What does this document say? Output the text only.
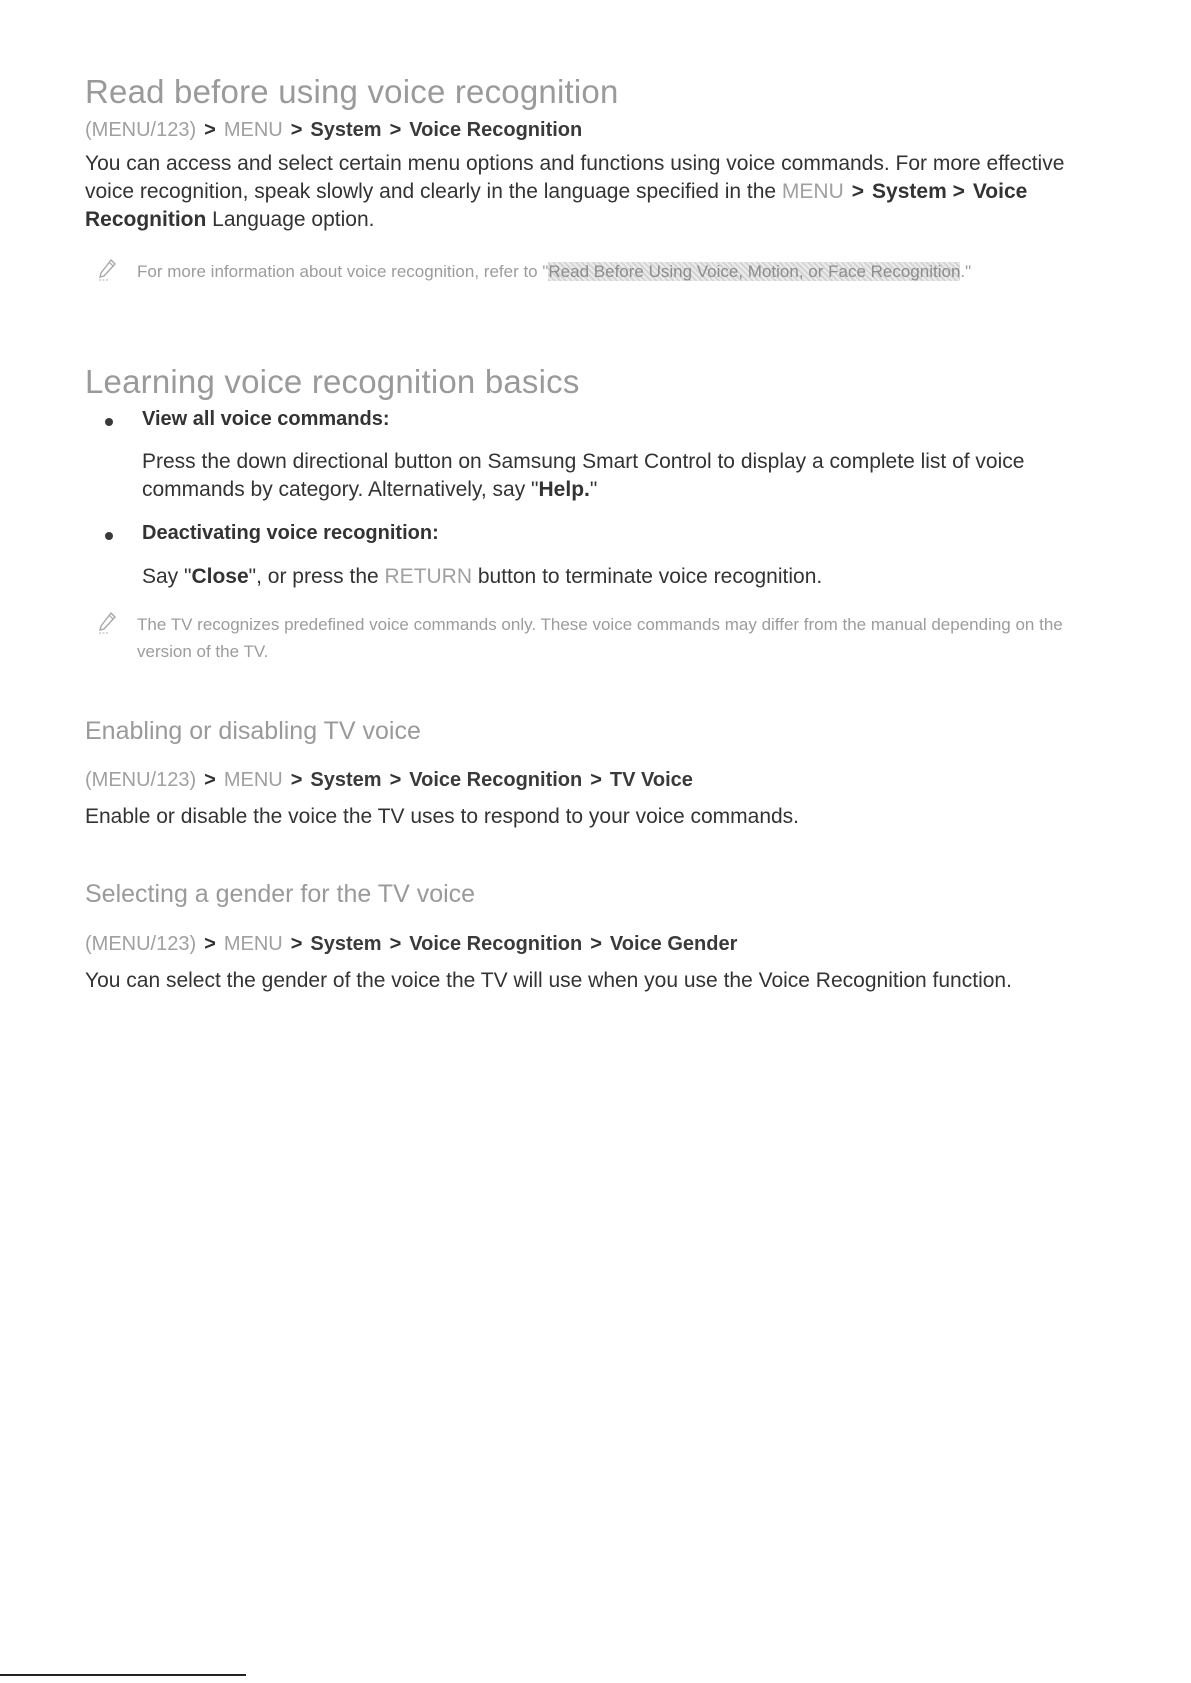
Read before using voice recognition
(MENU/123) > MENU > System > Voice Recognition

You can access and select certain menu options and functions using voice commands. For more effective voice recognition, speak slowly and clearly in the language specified in the MENU > System > Voice Recognition Language option.

For more information about voice recognition, refer to "Read Before Using Voice, Motion, or Face Recognition."

Learning voice recognition basics
View all voice commands:

Press the down directional button on Samsung Smart Control to display a complete list of voice commands by category. Alternatively, say "Help."

Deactivating voice recognition:

Say "Close", or press the RETURN button to terminate voice recognition.

The TV recognizes predefined voice commands only. These voice commands may differ from the manual depending on the version of the TV.

Enabling or disabling TV voice
(MENU/123) > MENU > System > Voice Recognition > TV Voice

Enable or disable the voice the TV uses to respond to your voice commands.

Selecting a gender for the TV voice
(MENU/123) > MENU > System > Voice Recognition > Voice Gender

You can select the gender of the voice the TV will use when you use the Voice Recognition function.
